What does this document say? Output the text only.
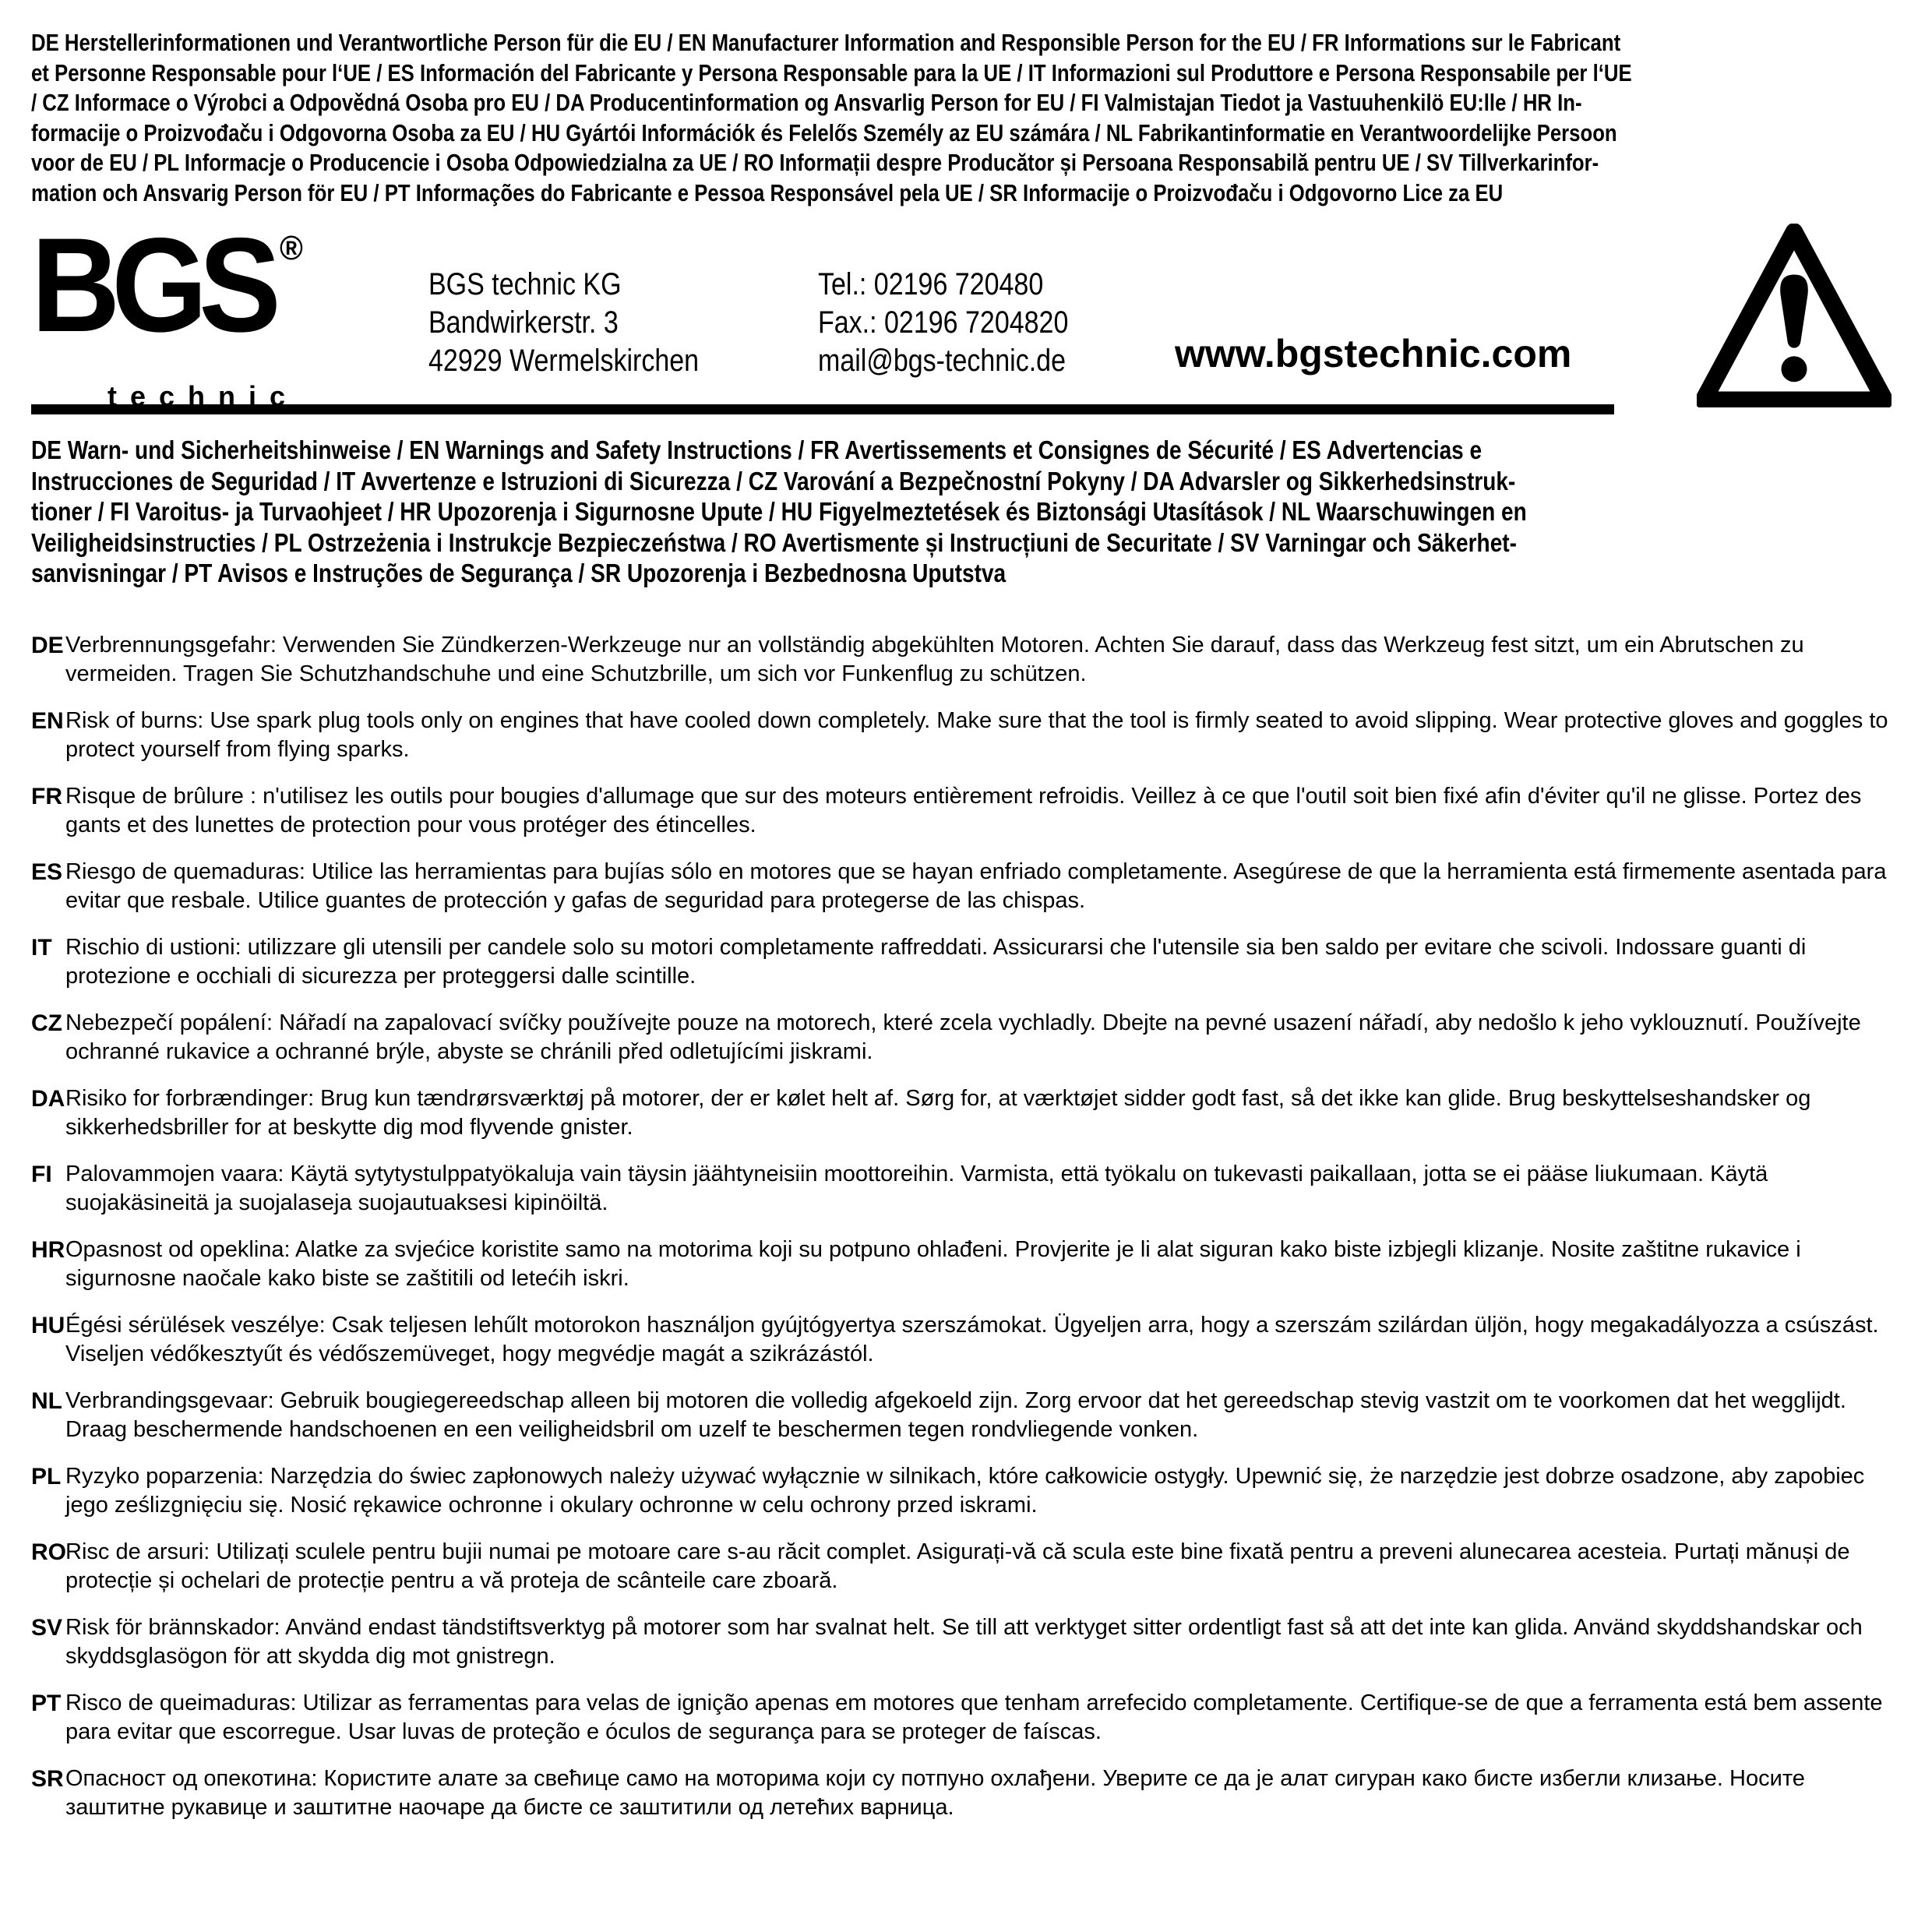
DE Herstellerinformationen und Verantwortliche Person für die EU / EN Manufacturer Information and Responsible Person for the EU / FR Informations sur le Fabricant
et Personne Responsable pour l‘UE / ES Información del Fabricante y Persona Responsable para la UE / IT Informazioni sul Produttore e Persona Responsabile per l‘UE
/ CZ Informace o Výrobci a Odpovědná Osoba pro EU / DA Producentinformation og Ansvarlig Person for EU / FI Valmistajan Tiedot ja Vastuuhenkilö EU:lle / HR In-
formacije o Proizvođaču i Odgovorna Osoba za EU / HU Gyártói Információk és Felelős Személy az EU számára / NL Fabrikantinformatie en Verantwoordelijke Persoon
voor de EU / PL Informacje o Producencie i Osoba Odpowiedzialna za UE / RO Informații despre Producător și Persoana Responsabilă pentru UE / SV Tillverkarinfor-
mation och Ansvarig Person för EU / PT Informações do Fabricante e Pessoa Responsável pela UE / SR Informacije o Proizvođaču i Odgovorno Lice za EU
BGS ®
technic
BGS technic KG
Bandwirkerstr. 3
42929 Wermelskirchen
Tel.: 02196 720480
Fax.: 02196 7204820
mail@bgs-technic.de	www.bgstechnic.com
DE Warn- und Sicherheitshinweise / EN Warnings and Safety Instructions / FR Avertissements et Consignes de Sécurité / ES Advertencias e
Instrucciones de Seguridad / IT Avvertenze e Istruzioni di Sicurezza / CZ Varování a Bezpečnostní Pokyny / DA Advarsler og Sikkerhedsinstruk-
tioner / FI Varoitus- ja Turvaohjeet / HR Upozorenja i Sigurnosne Upute / HU Figyelmeztetések és Biztonsági Utasítások / NL Waarschuwingen en
Veiligheidsinstructies / PL Ostrzeżenia i Instrukcje Bezpieczeństwa / RO Avertismente și Instrucțiuni de Securitate / SV Varningar och Säkerhet-
sanvisningar / PT Avisos e Instruções de Segurança / SR Upozorenja i Bezbednosna Uputstva
DE Verbrennungsgefahr: Verwenden Sie Zündkerzen-Werkzeuge nur an vollständig abgekühlten Motoren. Achten Sie darauf, dass das Werkzeug fest sitzt, um ein Abrutschen zu vermeiden. Tragen Sie Schutzhandschuhe und eine Schutzbrille, um sich vor Funkenflug zu schützen.
EN Risk of burns: Use spark plug tools only on engines that have cooled down completely. Make sure that the tool is firmly seated to avoid slipping. Wear protective gloves and goggles to protect yourself from flying sparks.
FR Risque de brûlure : n'utilisez les outils pour bougies d'allumage que sur des moteurs entièrement refroidis. Veillez à ce que l'outil soit bien fixé afin d'éviter qu'il ne glisse. Portez des gants et des lunettes de protection pour vous protéger des étincelles.
ES Riesgo de quemaduras: Utilice las herramientas para bujías sólo en motores que se hayan enfriado completamente. Asegúrese de que la herramienta está firmemente asentada para evitar que resbale. Utilice guantes de protección y gafas de seguridad para protegerse de las chispas.
IT Rischio di ustioni: utilizzare gli utensili per candele solo su motori completamente raffreddati. Assicurarsi che l'utensile sia ben saldo per evitare che scivoli. Indossare guanti di protezione e occhiali di sicurezza per proteggersi dalle scintille.
CZ Nebezpečí popálení: Nářadí na zapalovací svíčky používejte pouze na motorech, které zcela vychladly. Dbejte na pevné usazení nářadí, aby nedošlo k jeho vyklouznutí. Používejte ochranné rukavice a ochranné brýle, abyste se chránili před odletujícími jiskrami.
DA Risiko for forbrændinger: Brug kun tændrørsværktøj på motorer, der er kølet helt af. Sørg for, at værktøjet sidder godt fast, så det ikke kan glide. Brug beskyttelseshandsker og sikkerhedsbriller for at beskytte dig mod flyvende gnister.
FI Palovammojen vaara: Käytä sytytystulppatyökaluja vain täysin jäähtyneisiin moottoreihin. Varmista, että työkalu on tukevasti paikallaan, jotta se ei pääse liukumaan. Käytä suojakäsineitä ja suojalaseja suojautuaksesi kipinöiltä.
HR Opasnost od opeklina: Alatke za svjećice koristite samo na motorima koji su potpuno ohlađeni. Provjerite je li alat siguran kako biste izbjegli klizanje. Nosite zaštitne rukavice i sigurnosne naočale kako biste se zaštitili od letećih iskri.
HU Égési sérülések veszélye: Csak teljesen lehűlt motorokon használjon gyújtógyertya szerszámokat. Ügyeljen arra, hogy a szerszám szilárdan üljön, hogy megakadályozza a csúszást. Viseljen védőkesztyűt és védőszemüveget, hogy megvédje magát a szikrázástól.
NL Verbrandingsgevaar: Gebruik bougiegereedschap alleen bij motoren die volledig afgekoeld zijn. Zorg ervoor dat het gereedschap stevig vastzit om te voorkomen dat het wegglijdt. Draag beschermende handschoenen en een veiligheidsbril om uzelf te beschermen tegen rondvliegende vonken.
PL Ryzyko poparzenia: Narzędzia do świec zapłonowych należy używać wyłącznie w silnikach, które całkowicie ostygły. Upewnić się, że narzędzie jest dobrze osadzone, aby zapobiec jego ześlizgnięciu się. Nosić rękawice ochronne i okulary ochronne w celu ochrony przed iskrami.
RO Risc de arsuri: Utilizați sculele pentru bujii numai pe motoare care s-au răcit complet. Asigurați-vă că scula este bine fixată pentru a preveni alunecarea acesteia. Purtați mănuși de protecție și ochelari de protecție pentru a vă proteja de scânteile care zboară.
SV Risk för brännskador: Använd endast tändstiftsverktyg på motorer som har svalnat helt. Se till att verktyget sitter ordentligt fast så att det inte kan glida. Använd skyddshandskar och skyddsglasögon för att skydda dig mot gnistregn.
PT Risco de queimaduras: Utilizar as ferramentas para velas de ignição apenas em motores que tenham arrefecido completamente. Certifique-se de que a ferramenta está bem assente para evitar que escorregue. Usar luvas de proteção e óculos de segurança para se proteger de faíscas.
SR Опасност од опекотина: Користите алате за свећице само на моторима који су потпуно охлађени. Уверите се да је алат сигуран како бисте избегли клизање. Носите заштитне рукавице и заштитне наочаре да бисте се заштитили од летећих варница.
